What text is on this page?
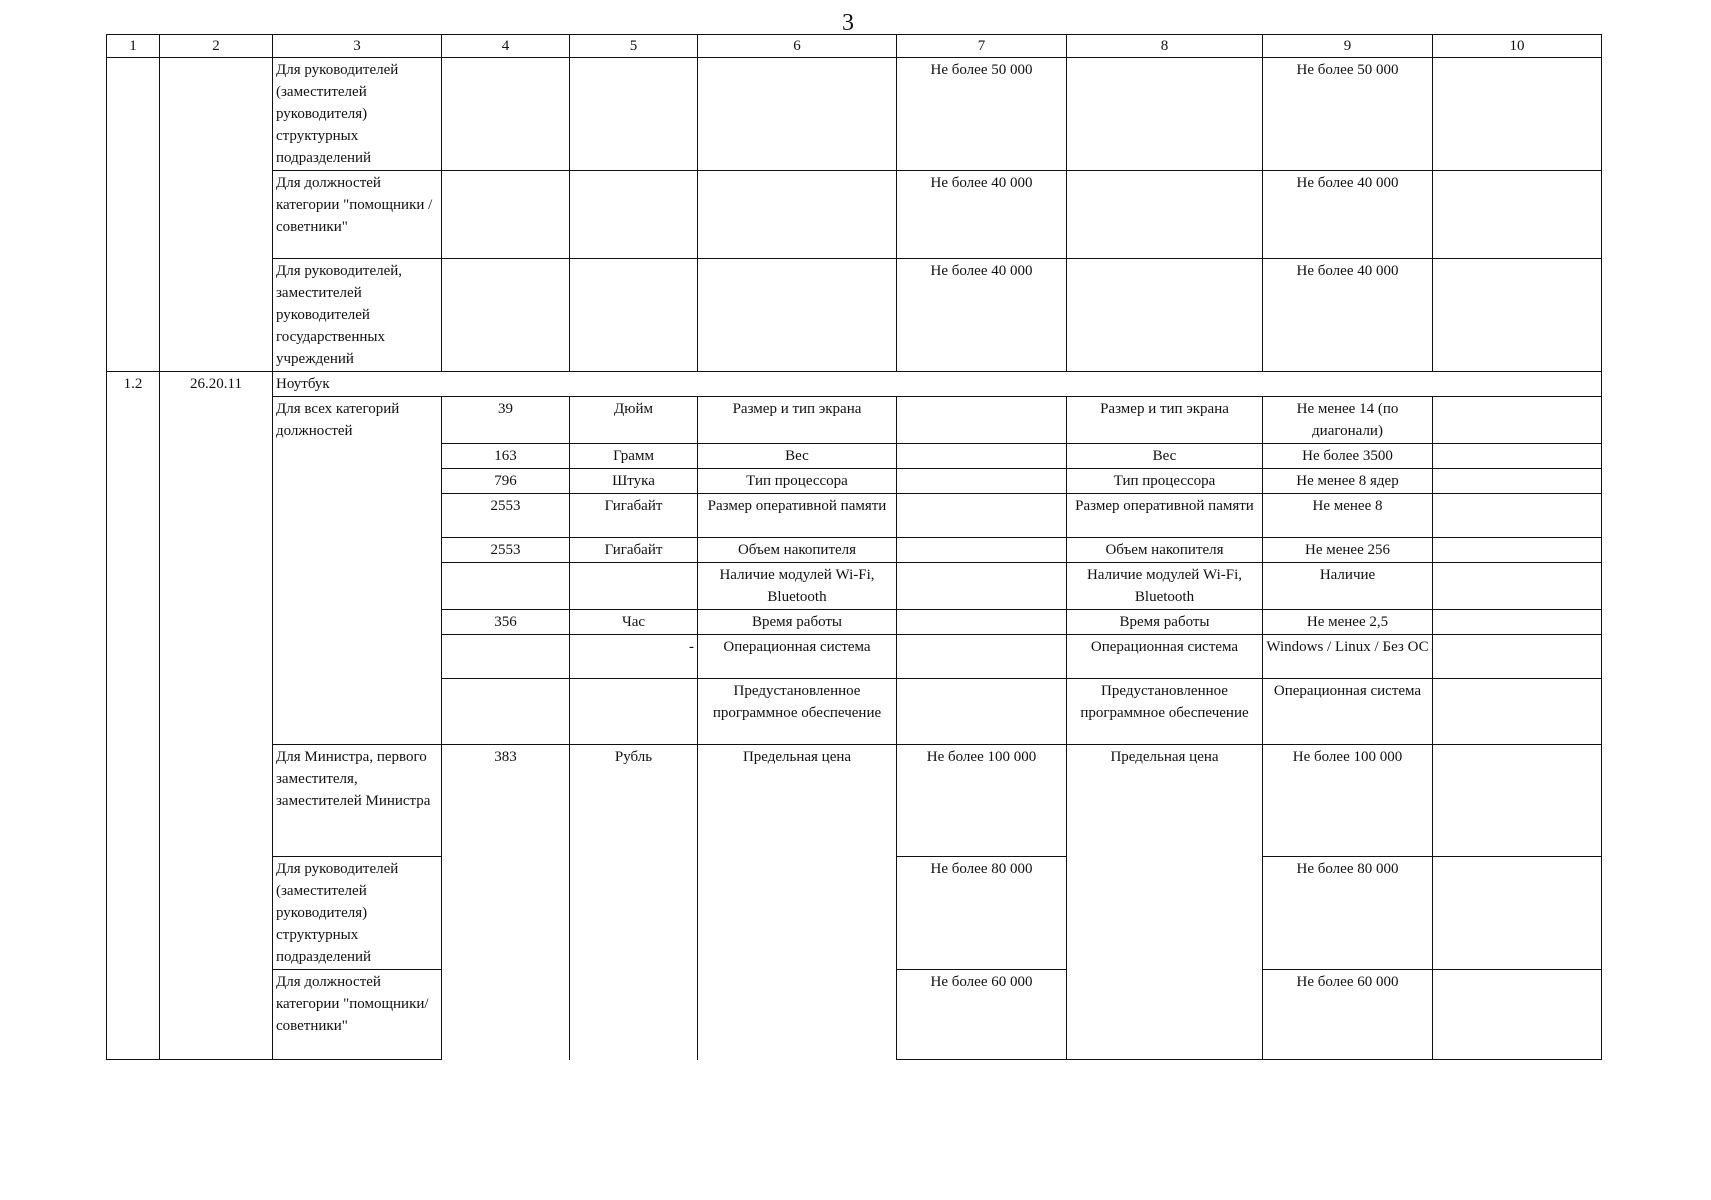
3
1	2	3	4	5	6	7	8	9	10
		Для руководителей (заместителей руководителя) структурных подразделений				Не более 50 000		Не более 50 000	
		Для должностей категории "помощники / советники"				Не более 40 000		Не более 40 000	
		Для руководителей, заместителей руководителей государственных учреждений				Не более 40 000		Не более 40 000	
1.2	26.20.11	Ноутбук							
		Для всех категорий должностей	39	Дюйм	Размер и тип экрана		Размер и тип экрана	Не менее 14 (по диагонали)	
			163	Грамм	Вес		Вес	Не более 3500	
			796	Штука	Тип процессора		Тип процессора	Не менее 8 ядер	
			2553	Гигабайт	Размер оперативной памяти		Размер оперативной памяти	Не менее 8	
			2553	Гигабайт	Объем накопителя		Объем накопителя	Не менее 256	
					Наличие модулей Wi-Fi, Bluetooth		Наличие модулей Wi-Fi, Bluetooth	Наличие	
			356	Час	Время работы		Время работы	Не менее 2,5	
				-	Операционная система		Операционная система	Windows / Linux / Без ОС	
					Предустановленное программное обеспечение		Предустановленное программное обеспечение	Операционная система	
		Для Министра, первого заместителя, заместителей Министра	383	Рубль	Предельная цена	Не более 100 000	Предельная цена	Не более 100 000	
		Для руководителей (заместителей руководителя) структурных подразделений				Не более 80 000		Не более 80 000	
		Для должностей категории "помощники/советники"				Не более 60 000		Не более 60 000	
